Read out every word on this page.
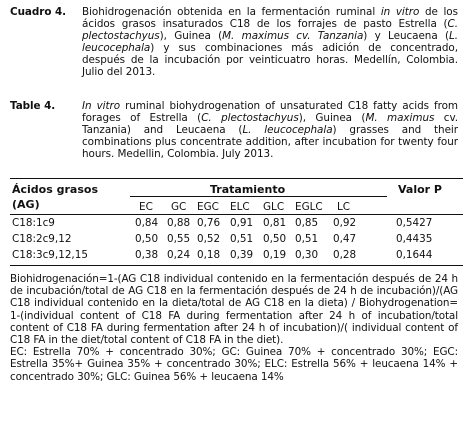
Cuadro 4.	Biohidrogenación obtenida en la fermentación ruminal in vitro de los ácidos grasos insaturados C18 de los forrajes de pasto Estrella (C. plectostachyus), Guinea (M. maximus cv. Tanzania) y Leucaena (L. leucocephala) y sus combinaciones más adición de concentrado, después de la incubación por veinticuatro horas. Medellín, Colombia. Julio del 2013.
Table 4.	In vitro ruminal biohydrogenation of unsaturated C18 fatty acids from forages of Estrella (C. plectostachyus), Guinea (M. maximus cv. Tanzania) and Leucaena (L. leucocephala) grasses and their combinations plus concentrate addition, after incubation for twenty four hours. Medellin, Colombia. July 2013.
Ácidos grasos
(AG)
Tratamiento	Valor P
EC GC EGC ELC GLC EGLC LC
C18:1c9	0,84 0,88 0,76 0,91 0,81 0,85 0,92	0,5427
C18:2c9,12	0,50 0,55 0,52 0,51 0,50 0,51 0,47	0,4435
C18:3c9,12,15	0,38 0,24 0,18 0,39 0,19 0,30 0,28	0,1644

Biohidrogenación=1-(AG C18 individual contenido en la fermentación después de 24 h de incubación/total de AG C18 en la fermentación después de 24 h de incubación)/(AG C18 individual contenido en la dieta/total de AG C18 en la dieta) / Biohydrogenation= 1-(individual content of C18 FA during fermentation after 24 h of incubation/total content of C18 FA during fermentation after 24 h of incubation)/( individual content of C18 FA in the diet/total content of C18 FA in the diet).

EC: Estrella 70% + concentrado 30%; GC: Guinea 70% + concentrado 30%; EGC: Estrella 35%+ Guinea 35% + concentrado 30%; ELC: Estrella 56% + leucaena 14% + concentrado 30%; GLC: Guinea 56% + leucaena 14%
